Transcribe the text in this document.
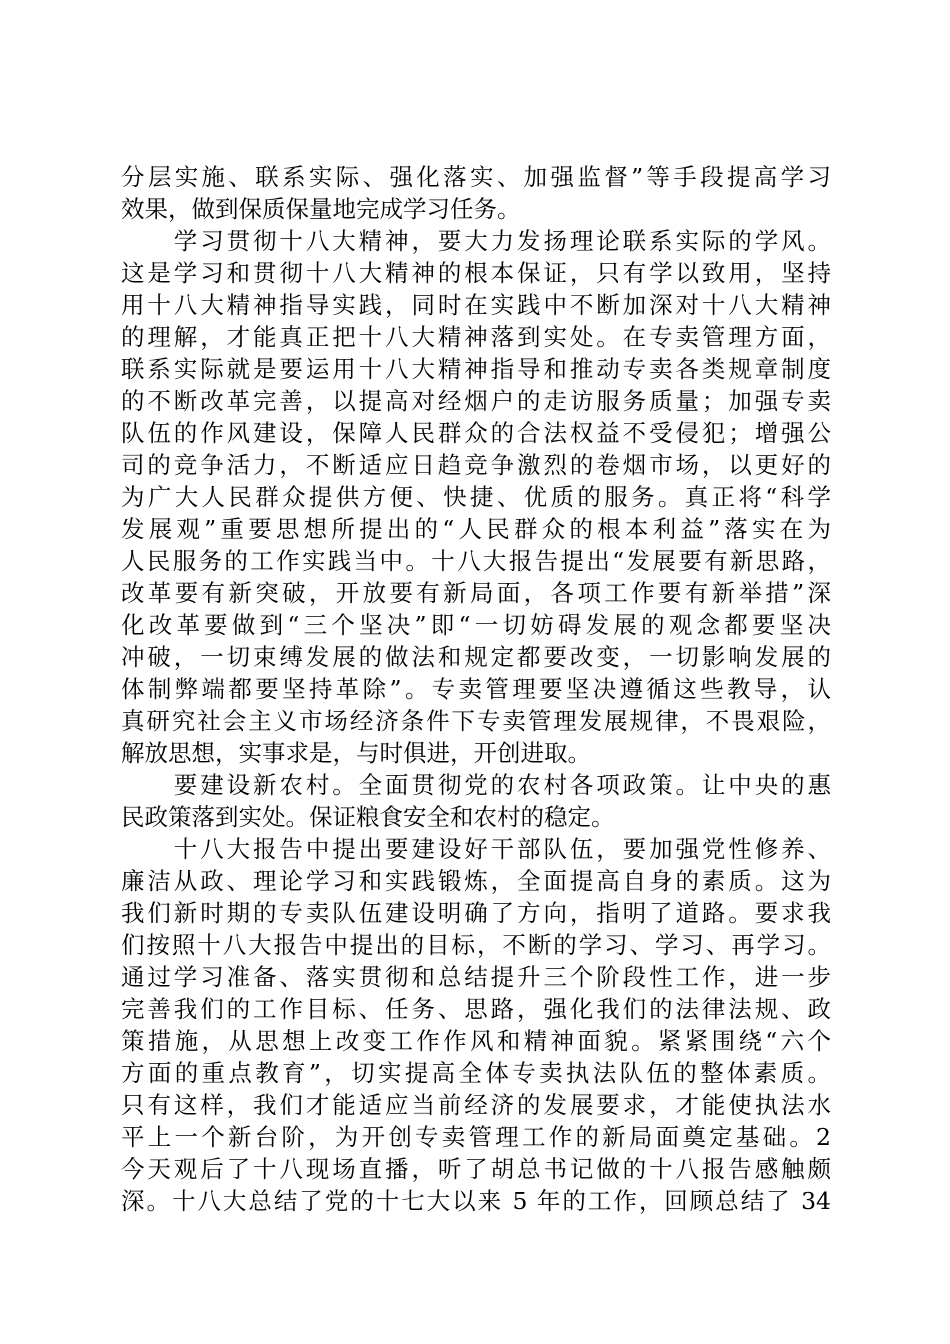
分层实施、联系实际、强化落实、加强监督”等手段提高学习
效果，做到保质保量地完成学习任务。
　　学习贯彻十八大精神，要大力发扬理论联系实际的学风。
这是学习和贯彻十八大精神的根本保证，只有学以致用，坚持
用十八大精神指导实践，同时在实践中不断加深对十八大精神
的理解，才能真正把十八大精神落到实处。在专卖管理方面，
联系实际就是要运用十八大精神指导和推动专卖各类规章制度
的不断改革完善，以提高对经烟户的走访服务质量；加强专卖
队伍的作风建设，保障人民群众的合法权益不受侵犯；增强公
司的竞争活力，不断适应日趋竞争激烈的卷烟市场，以更好的
为广大人民群众提供方便、快捷、优质的服务。真正将“科学
发展观”重要思想所提出的“人民群众的根本利益”落实在为
人民服务的工作实践当中。十八大报告提出“发展要有新思路，
改革要有新突破，开放要有新局面，各项工作要有新举措”深
化改革要做到“三个坚决”即“一切妨碍发展的观念都要坚决
冲破，一切束缚发展的做法和规定都要改变，一切影响发展的
体制弊端都要坚持革除”。专卖管理要坚决遵循这些教导，认
真研究社会主义市场经济条件下专卖管理发展规律，不畏艰险，
解放思想，实事求是，与时俱进，开创进取。
　　要建设新农村。全面贯彻党的农村各项政策。让中央的惠
民政策落到实处。保证粮食安全和农村的稳定。
　　十八大报告中提出要建设好干部队伍，要加强党性修养、
廉洁从政、理论学习和实践锻炼，全面提高自身的素质。这为
我们新时期的专卖队伍建设明确了方向，指明了道路。要求我
们按照十八大报告中提出的目标，不断的学习、学习、再学习。
通过学习准备、落实贯彻和总结提升三个阶段性工作，进一步
完善我们的工作目标、任务、思路，强化我们的法律法规、政
策措施，从思想上改变工作作风和精神面貌。紧紧围绕“六个
方面的重点教育”，切实提高全体专卖执法队伍的整体素质。
只有这样，我们才能适应当前经济的发展要求，才能使执法水
平上一个新台阶，为开创专卖管理工作的新局面奠定基础。2
今天观后了十八现场直播，听了胡总书记做的十八报告感触颇
深。十八大总结了党的十七大以来 5 年的工作，回顾总结了 34
